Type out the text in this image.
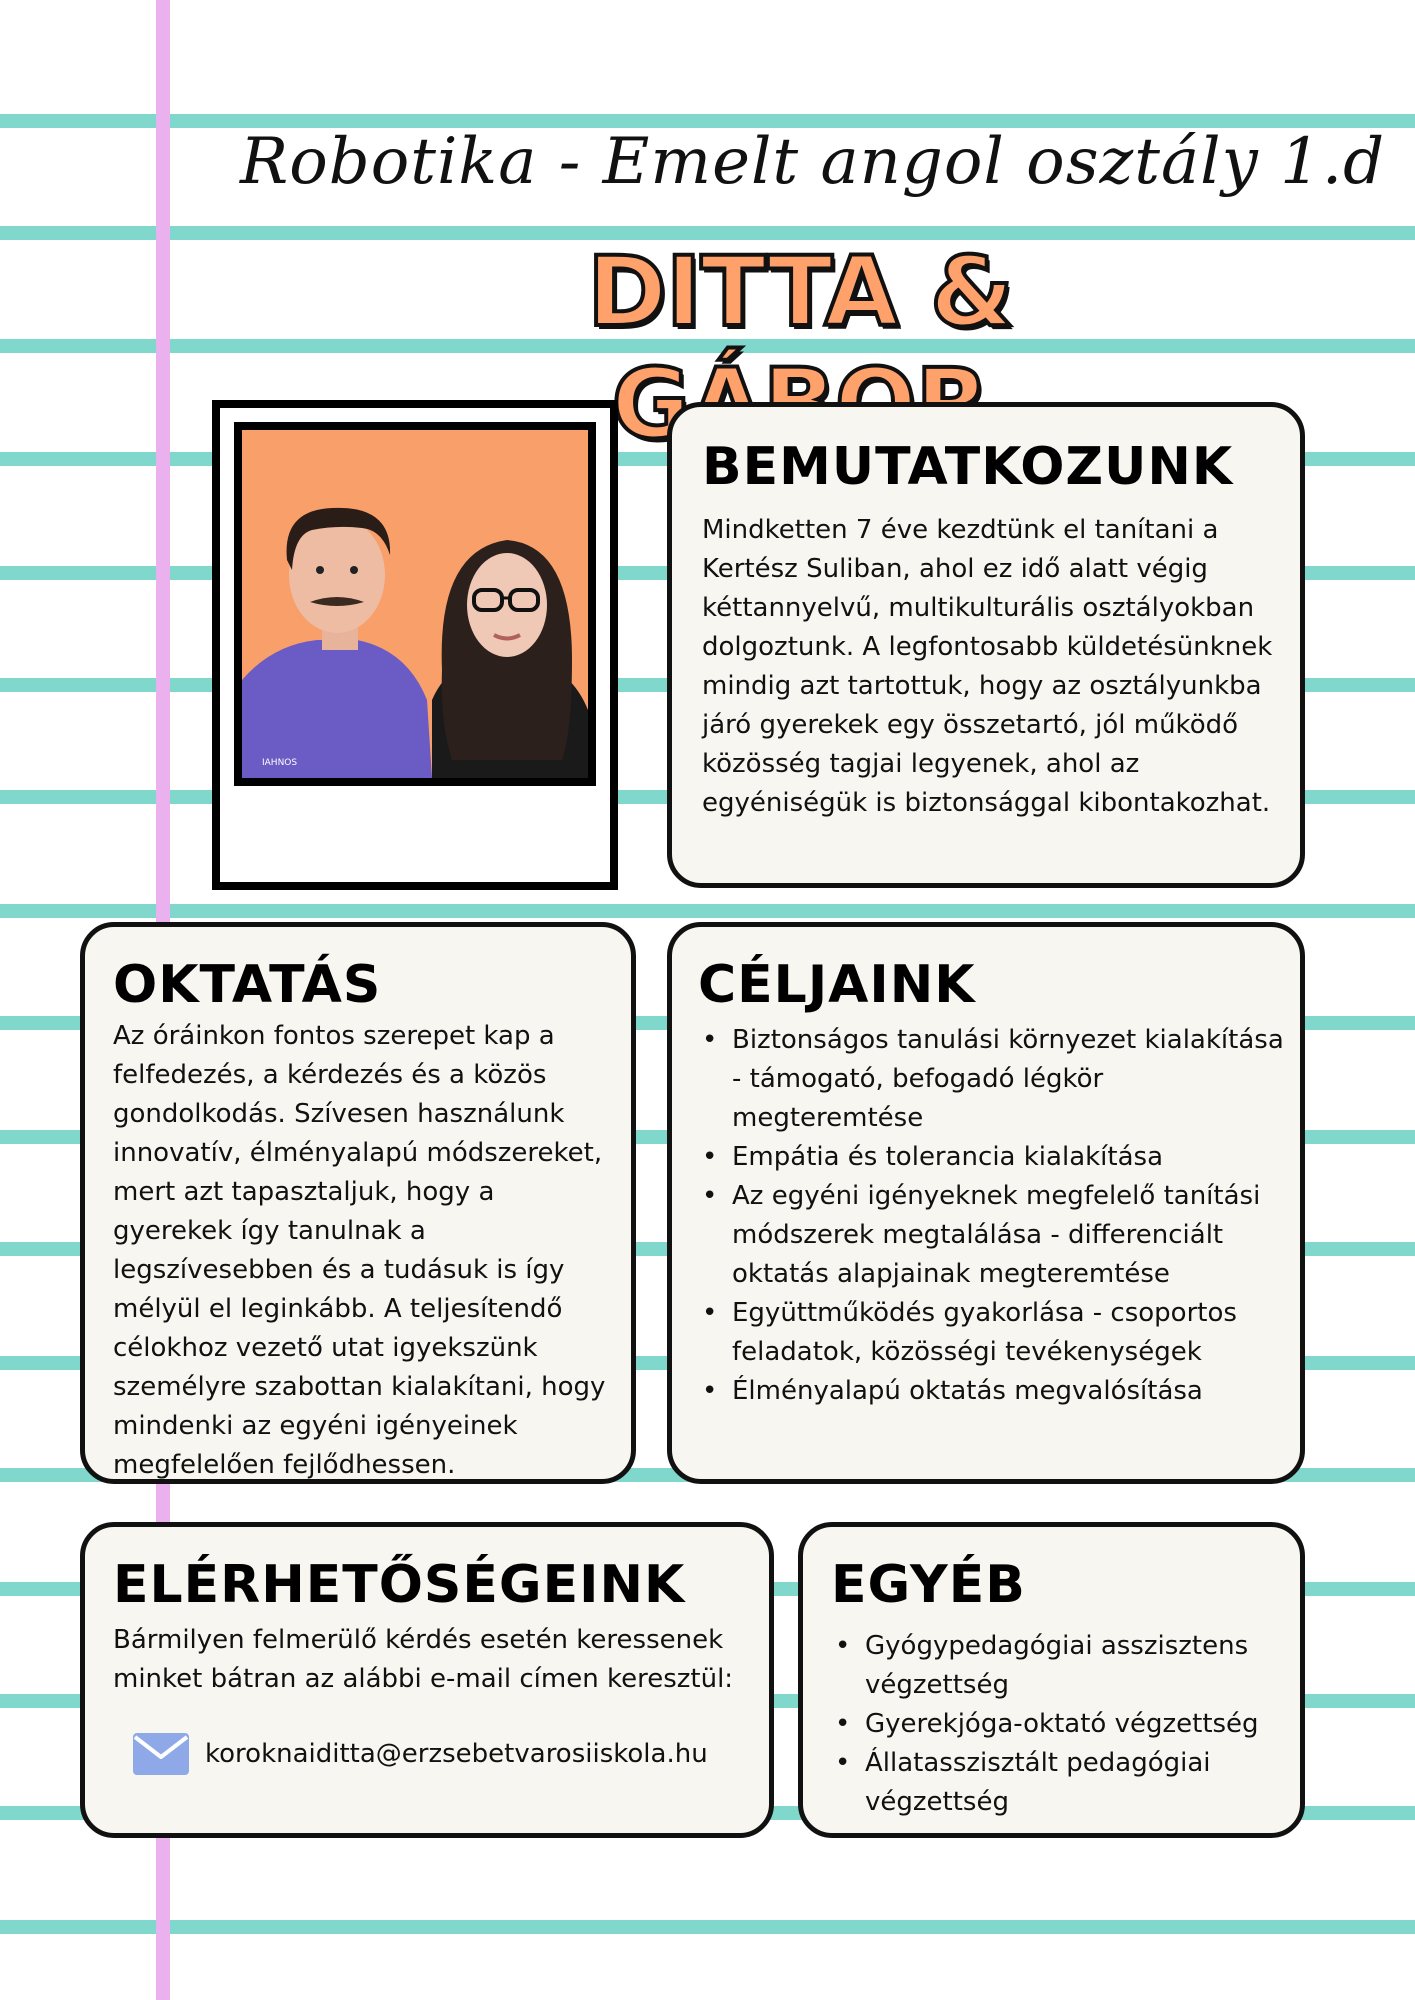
Robotika - Emelt angol osztály 1.d
DITTA &
IAHNOS
BEMUTATKOZUNK

Mindketten 7 éve kezdtünk el tanítani a Kertész Suliban, ahol ez idő alatt végig kéttannyelvű, multikulturális osztályokban dolgoztunk. A legfontosabb küldetésünknek mindig azt tartottuk, hogy az osztályunkba járó gyerekek egy összetartó, jól működő közösség tagjai legyenek, ahol az egyéniségük is biztonsággal kibontakozhat.

OKTATÁS

Az óráinkon fontos szerepet kap a felfedezés, a kérdezés és a közös gondolkodás. Szívesen használunk innovatív, élményalapú módszereket, mert azt tapasztaljuk, hogy a gyerekek így tanulnak a legszívesebben és a tudásuk is így mélyül el leginkább. A teljesítendő célokhoz vezető utat igyekszünk személyre szabottan kialakítani, hogy mindenki az egyéni igényeinek megfelelően fejlődhessen.

CÉLJAINK
• Biztonságos tanulási környezet kialakítása - támogató, befogadó légkör megteremtése
• Empátia és tolerancia kialakítása
• Az egyéni igényeknek megfelelő tanítási módszerek megtalálása - differenciált oktatás alapjainak megteremtése
• Együttműködés gyakorlása - csoportos feladatok, közösségi tevékenységek
• Élményalapú oktatás megvalósítása
ELÉRHETŐSÉGEINK

Bármilyen felmerülő kérdés esetén keressenek minket bátran az alábbi e-mail címen keresztül:

koroknaiditta@erzsebetvarosiiskola.hu
EGYÉB
• Gyógypedagógiai asszisztens végzettség
• Gyerekjóga-oktató végzettség
• Állatasszisztált pedagógiai végzettség
